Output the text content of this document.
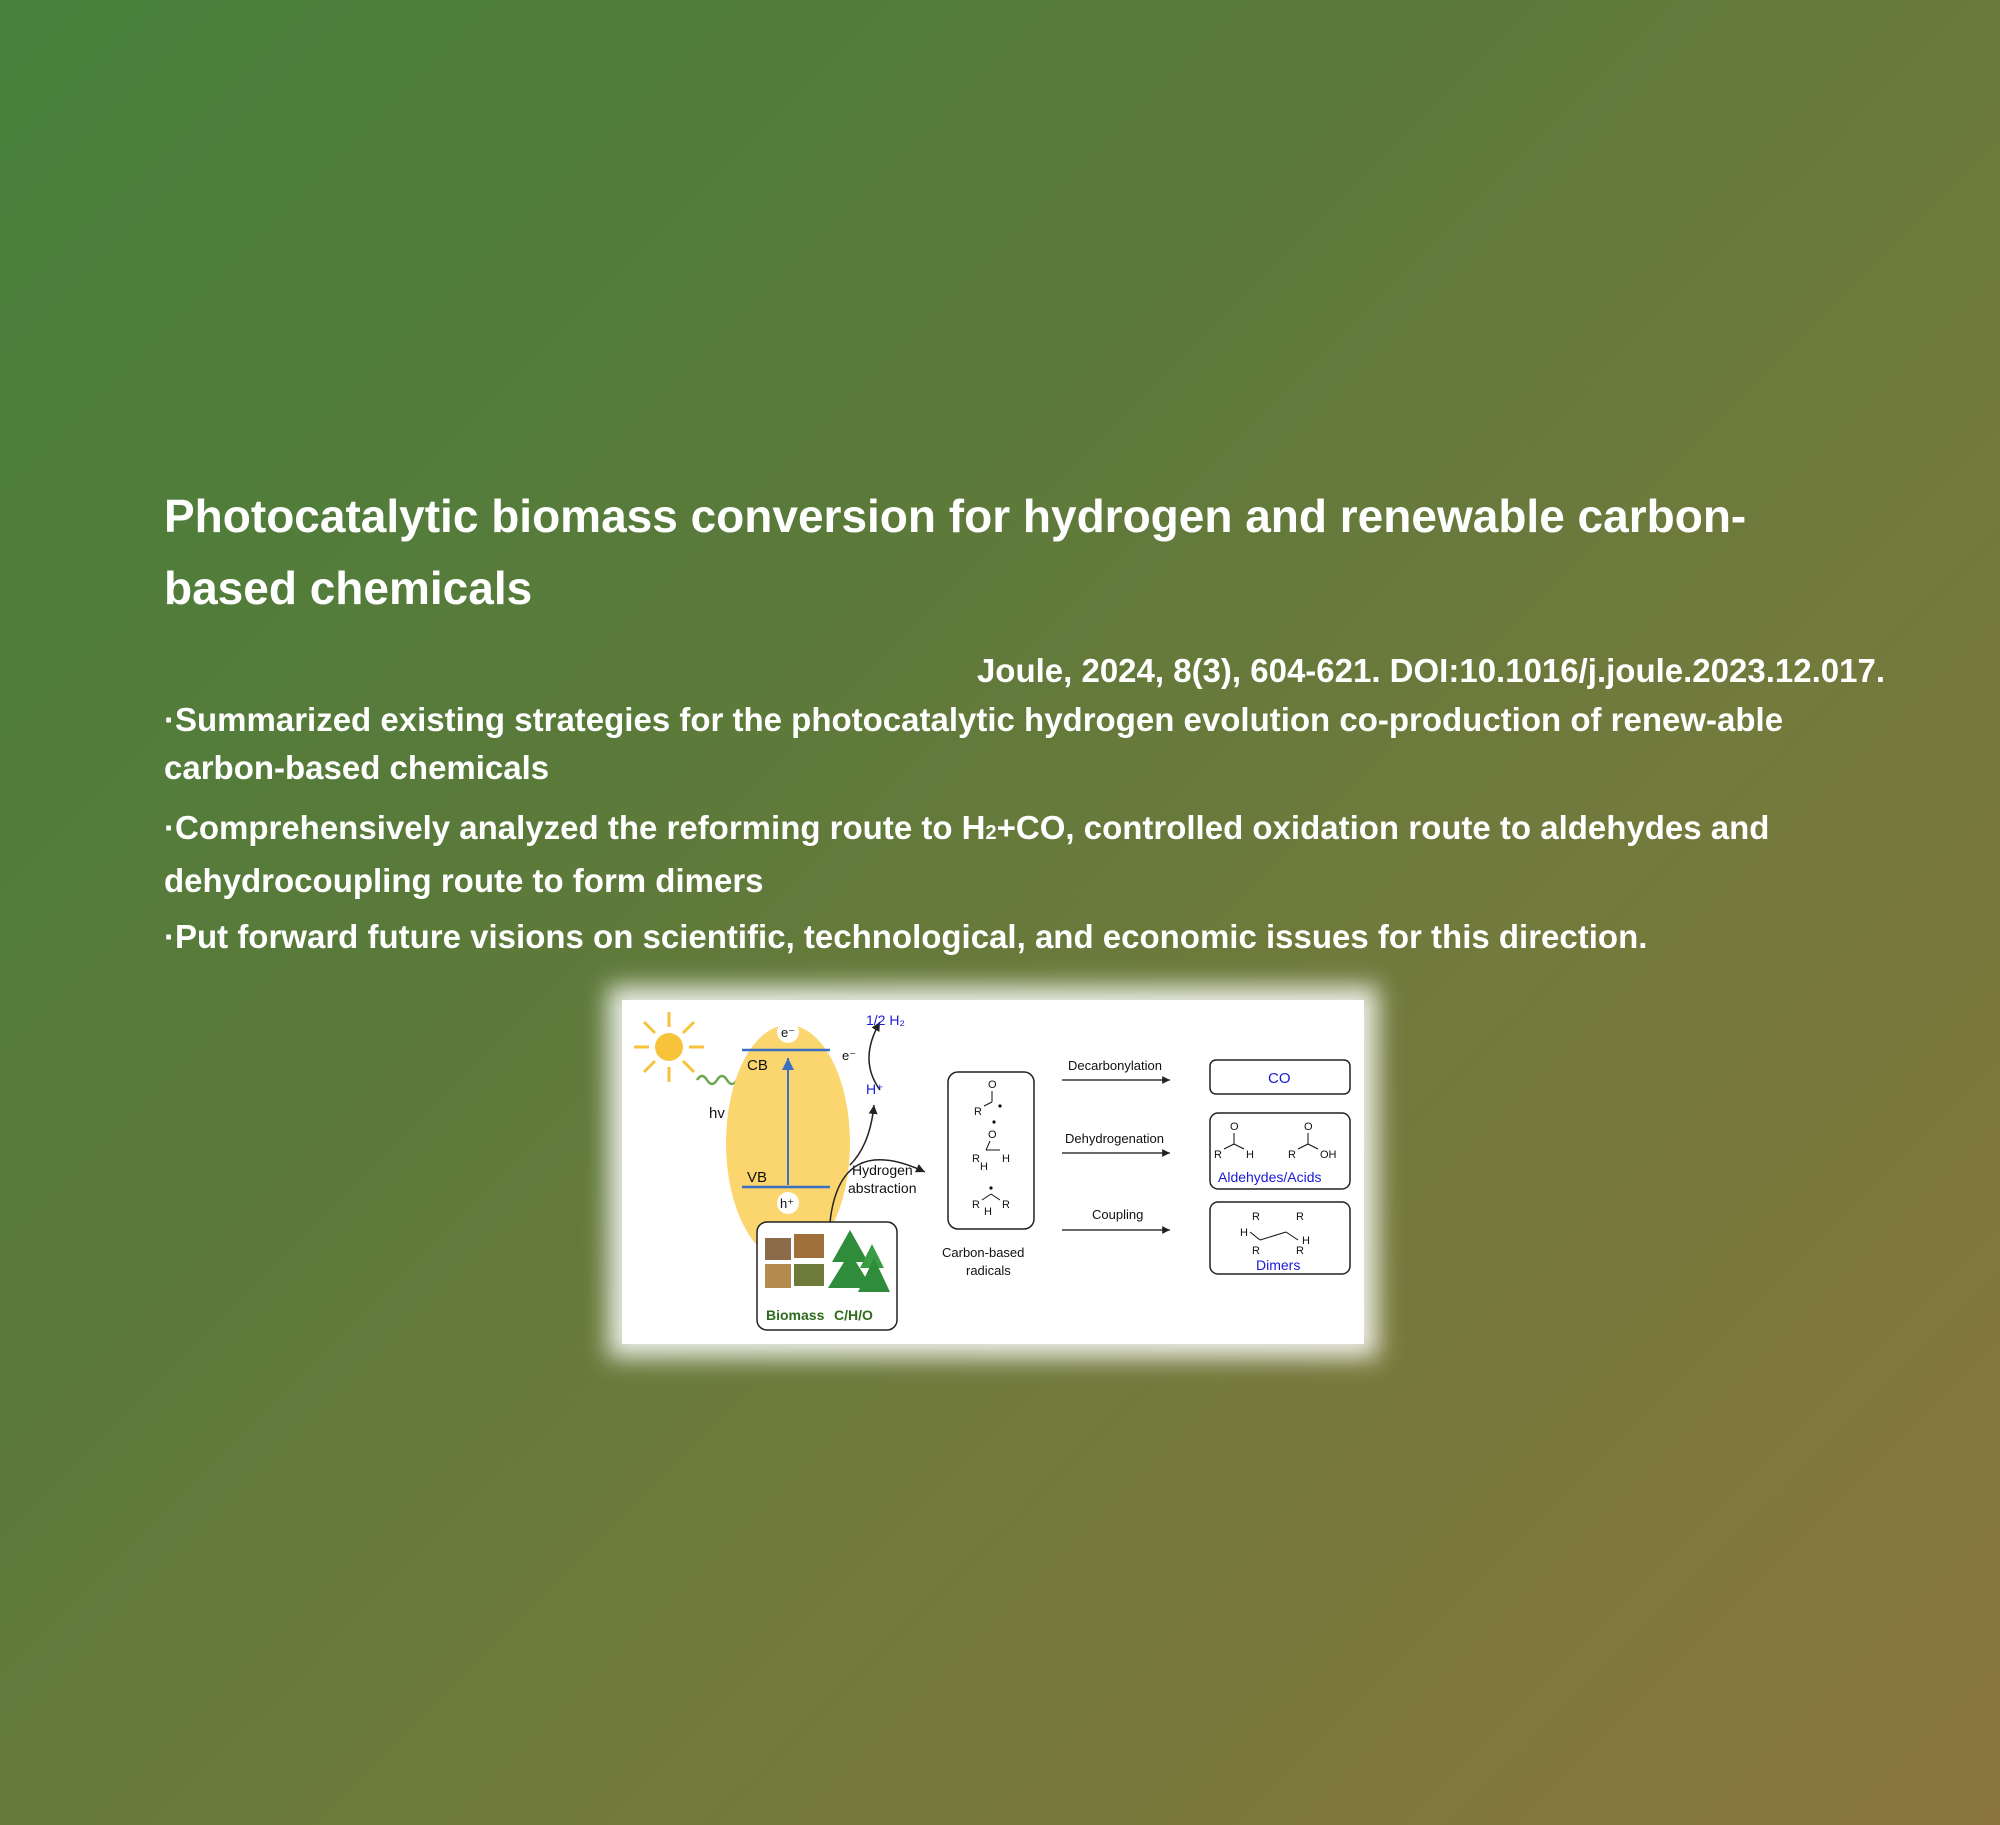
Photocatalytic biomass conversion for hydrogen and renewable carbon-based chemicals
Joule, 2024, 8(3), 604-621. DOI:10.1016/j.joule.2023.12.017.
·Summarized existing strategies for the photocatalytic hydrogen evolution co-production of renew-able carbon-based chemicals
·Comprehensively analyzed the reforming route to H2+CO, controlled oxidation route to aldehydes and dehydrocoupling route to form dimers
·Put forward future visions on scientific, technological, and economic issues for this direction.
hv
CB
VB
e⁻
h⁺
e⁻
H⁺
1/2 H₂
Hydrogen
abstraction
Biomass C/H/O
O
R
O
R
H
H
R
H
R
Carbon-based
radicals
Decarbonylation
Dehydrogenation
Coupling
CO
O
R H
O
R OH
Aldehydes/Acids
R	R
H
H
R	R
Dimers
